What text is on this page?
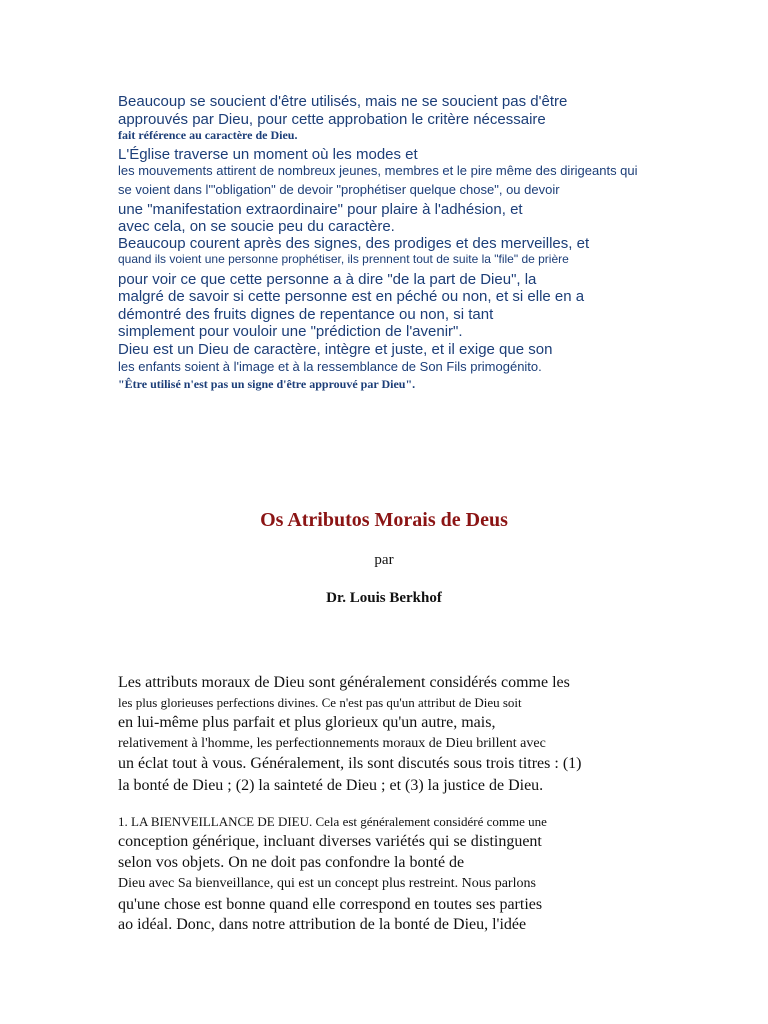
Beaucoup se soucient d'être utilisés, mais ne se soucient pas d'être

approuvés par Dieu, pour cette approbation le critère nécessaire

fait référence au caractère de Dieu.

L'Église traverse un moment où les modes et

les mouvements attirent de nombreux jeunes, membres et le pire même des dirigeants qui

se voient dans l'"obligation" de devoir "prophétiser quelque chose", ou devoir

une "manifestation extraordinaire" pour plaire à l'adhésion, et

avec cela, on se soucie peu du caractère.

Beaucoup courent après des signes, des prodiges et des merveilles, et

quand ils voient une personne prophétiser, ils prennent tout de suite la "file" de prière

pour voir ce que cette personne a à dire "de la part de Dieu", la

malgré de savoir si cette personne est en péché ou non, et si elle en a

démontré des fruits dignes de repentance ou non, si tant

simplement pour vouloir une "prédiction de l'avenir".

Dieu est un Dieu de caractère, intègre et juste, et il exige que son

les enfants soient à l'image et à la ressemblance de Son Fils primogénito.

"Être utilisé n'est pas un signe d'être approuvé par Dieu".

Os Atributos Morais de Deus
par
Dr. Louis Berkhof

Les attributs moraux de Dieu sont généralement considérés comme les

les plus glorieuses perfections divines. Ce n'est pas qu'un attribut de Dieu soit

en lui-même plus parfait et plus glorieux qu'un autre, mais,

relativement à l'homme, les perfectionnements moraux de Dieu brillent avec

un éclat tout à vous. Généralement, ils sont discutés sous trois titres : (1)

la bonté de Dieu ; (2) la sainteté de Dieu ; et (3) la justice de Dieu.

1. LA BIENVEILLANCE DE DIEU. Cela est généralement considéré comme une

conception générique, incluant diverses variétés qui se distinguent

selon vos objets. On ne doit pas confondre la bonté de

Dieu avec Sa bienveillance, qui est un concept plus restreint. Nous parlons

qu'une chose est bonne quand elle correspond en toutes ses parties

ao idéal. Donc, dans notre attribution de la bonté de Dieu, l'idée
